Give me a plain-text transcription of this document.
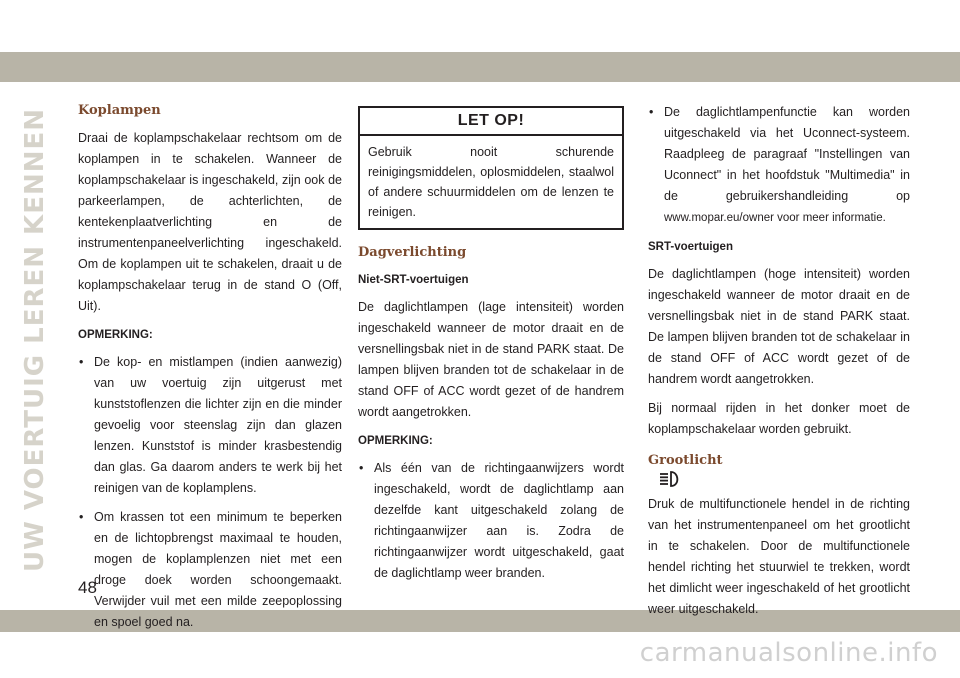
UW VOERTUIG LEREN KENNEN Koplampen

Draai de koplampschakelaar rechtsom om de koplampen in te schakelen. Wanneer de koplampschakelaar is ingeschakeld, zijn ook de parkeerlampen, de achterlichten, de kentekenplaatverlichting en de instrumentenpaneelverlichting ingeschakeld. Om de koplampen uit te schakelen, draait u de koplampschakelaar terug in de stand O (Off, Uit).

OPMERKING:
• De kop- en mistlampen (indien aanwezig) van uw voertuig zijn uitgerust met kunststoflenzen die lichter zijn en die minder gevoelig voor steenslag zijn dan glazen lenzen. Kunststof is minder krasbestendig dan glas. Ga daarom anders te werk bij het reinigen van de koplamplens.
• Om krassen tot een minimum te beperken en de lichtopbrengst maximaal te houden, mogen de koplamplenzen niet met een droge doek worden schoongemaakt. Verwijder vuil met een milde zeepoplossing en spoel goed na.
LET OP!
Gebruik nooit schurende reinigingsmiddelen, oplosmiddelen, staalwol of andere schuurmiddelen om de lenzen te reinigen.
Dagverlichting
Niet-SRT-voertuigen

De daglichtlampen (lage intensiteit) worden ingeschakeld wanneer de motor draait en de versnellingsbak niet in de stand PARK staat. De lampen blijven branden tot de schakelaar in de stand OFF of ACC wordt gezet of de handrem wordt aangetrokken.

OPMERKING:
• Als één van de richtingaanwijzers wordt ingeschakeld, wordt de daglichtlamp aan dezelfde kant uitgeschakeld zolang de richtingaanwijzer aan is. Zodra de richtingaanwijzer wordt uitgeschakeld, gaat de daglichtlamp weer branden.
• De daglichtlampenfunctie kan worden uitgeschakeld via het Uconnect-systeem. Raadpleeg de paragraaf "Instellingen van Uconnect" in het hoofdstuk "Multimedia" in de gebruikershandleiding op www.mopar.eu/owner voor meer informatie.
SRT-voertuigen

De daglichtlampen (hoge intensiteit) worden ingeschakeld wanneer de motor draait en de versnellingsbak niet in de stand PARK staat. De lampen blijven branden tot de schakelaar in de stand OFF of ACC wordt gezet of de handrem wordt aangetrokken.

Bij normaal rijden in het donker moet de koplampschakelaar worden gebruikt.

Grootlicht

Druk de multifunctionele hendel in de richting van het instrumentenpaneel om het grootlicht in te schakelen. Door de multifunctionele hendel richting het stuurwiel te trekken, wordt het dimlicht weer ingeschakeld of het grootlicht weer uitgeschakeld.

48
carmanualsonline.info
